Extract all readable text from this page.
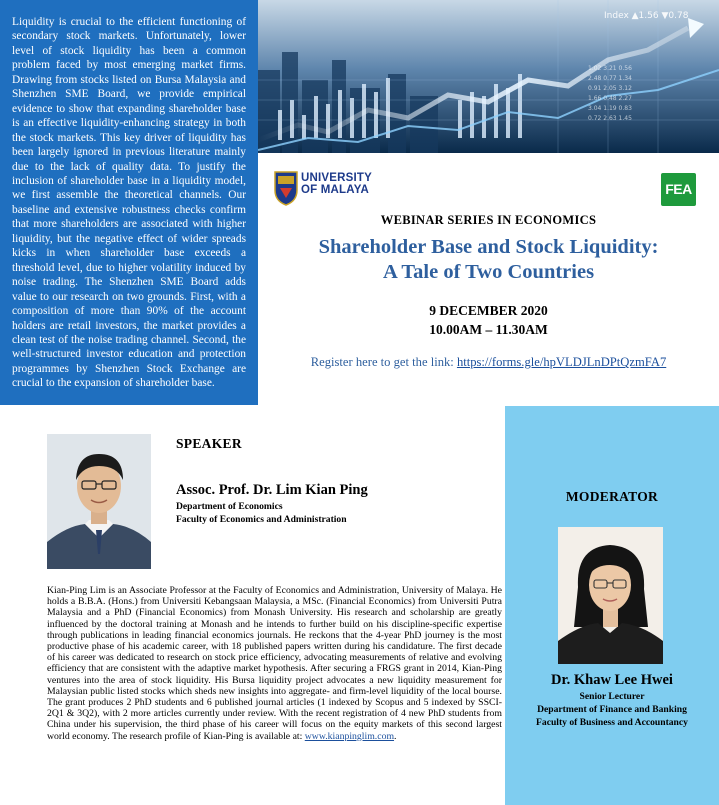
Liquidity is crucial to the efficient functioning of secondary stock markets. Unfortunately, lower level of stock liquidity has been a common problem faced by most emerging market firms. Drawing from stocks listed on Bursa Malaysia and Shenzhen SME Board, we provide empirical evidence to show that expanding shareholder base is an effective liquidity-enhancing strategy in both the stock markets. This key driver of liquidity has been largely ignored in previous literature mainly due to the lack of quality data. To justify the inclusion of shareholder base in a liquidity model, we first assemble the theoretical channels. Our baseline and extensive robustness checks confirm that more shareholders are associated with higher liquidity, but the negative effect of wider spreads kicks in when shareholder base exceeds a threshold level, due to higher volatility induced by noise trading. The Shenzhen SME Board adds value to our research on two grounds. First, with a composition of more than 90% of the account holders are retail investors, the market provides a clean test of the noise trading channel. Second, the well-structured investor education and protection programmes by Shenzhen Stock Exchange are crucial to the expansion of shareholder base.

1.02 3.21 0.56
2.48 0.77 1.34
0.91 2.05 3.12
1.66 0.48 2.27
3.04 1.19 0.83
0.72 2.63 1.45
Index ▲1.56 ▼0.78
UNIVERSITY
OF MALAYA	FEA
WEBINAR SERIES IN ECONOMICS
Shareholder Base and Stock Liquidity:
A Tale of Two Countries
9 DECEMBER 2020
10.00AM – 11.30AM
Register here to get the link: https://forms.gle/hpVLDJLnDPtQzmFA7
SPEAKER
Assoc. Prof. Dr. Lim Kian Ping
Department of Economics
Faculty of Economics and Administration

Kian-Ping Lim is an Associate Professor at the Faculty of Economics and Administration, University of Malaya. He holds a B.B.A. (Hons.) from Universiti Kebangsaan Malaysia, a MSc. (Financial Economics) from Universiti Putra Malaysia and a PhD (Financial Economics) from Monash University. His research and scholarship are greatly influenced by the doctoral training at Monash and he intends to further build on his discipline-specific expertise through publications in leading financial economics journals. He reckons that the 4-year PhD journey is the most productive phase of his academic career, with 18 published papers written during his candidature. The first decade of his career was dedicated to research on stock price efficiency, advocating measurements of relative and evolving efficiency that are consistent with the adaptive market hypothesis. After securing a FRGS grant in 2014, Kian-Ping ventures into the area of stock liquidity. His Bursa liquidity project advocates a new liquidity measurement for Malaysian public listed stocks which sheds new insights into aggregate- and firm-level liquidity of the local bourse. The grant produces 2 PhD students and 6 published journal articles (1 indexed by Scopus and 5 indexed by SSCI- 2Q1 & 3Q2), with 2 more articles currently under review. With the recent registration of 4 new PhD students from China under his supervision, the third phase of his career will focus on the equity markets of this second largest world economy. The research profile of Kian-Ping is available at: www.kianpinglim.com.

MODERATOR
Dr. Khaw Lee Hwei
Senior Lecturer
Department of Finance and Banking
Faculty of Business and Accountancy
